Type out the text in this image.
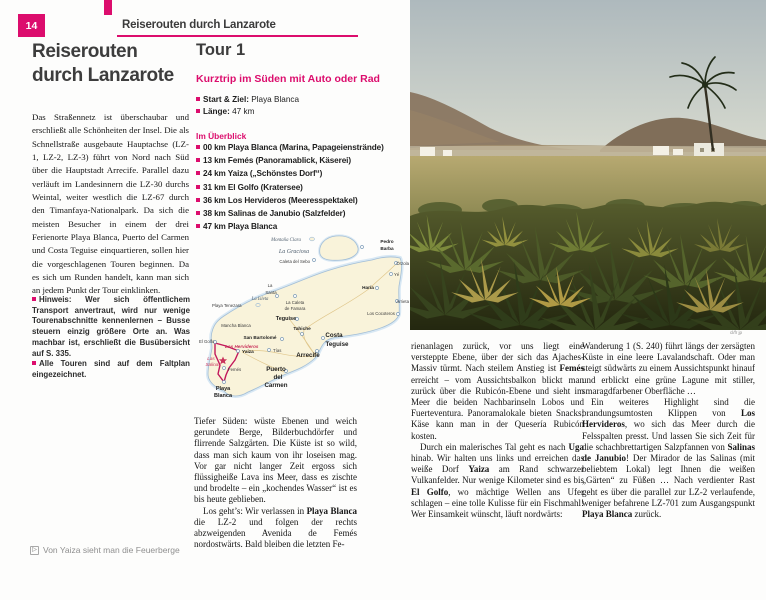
14	Reiserouten durch Lanzarote
Reiserouten
durch Lanzarote
Das Straßennetz ist überschaubar und erschließt alle Schönheiten der Insel. Die als Schnellstraße ausgebaute Hauptachse (LZ-1, LZ-2, LZ-3) führt von Nord nach Süd über die Hauptstadt Arrecife. Parallel dazu verläuft im Landesinnern die LZ-30 durchs Weintal, weiter westlich die LZ-67 durch den Timanfaya-Nationalpark. Da sich die meisten Besucher in einem der drei Ferienorte Playa Blanca, Puerto del Carmen und Costa Teguise einquartieren, sollen hier die vorgeschlagenen Touren beginnen. Da es sich um Runden handelt, kann man sich an jedem Punkt der Tour einklinken.
Hinweis: Wer sich öffentlichem Transport anvertraut, wird nur wenige Tourenabschnitte kennenlernen – Busse steuern einzig größere Orte an. Was machbar ist, erschließt die Busübersicht auf S. 335.
Alle Touren sind auf dem Faltplan eingezeichnet.
▷ Von Yaiza sieht man die Feuerberge
Tour 1
Kurztrip im Süden mit Auto oder Rad
Start & Ziel: Playa Blanca
Länge: 47 km
Im Überblick
00 km Playa Blanca (Marina, Papageienstrände)
13 km Femés (Panoramablick, Käserei)
24 km Yaiza („Schönstes Dorf“)
31 km El Golfo (Kratersee)
36 km Los Hervideros (Meeresspektakel)
38 km Salinas de Janubio (Salzfelder)
47 km Playa Blanca
Montaña Clara	Pedro
Barba
La Graciosa
Caleta del Sebo	Órzola
Yé
Haría
Arrieta
La
Santa
La Isleta
Playa Tenezara
La Caleta
de Famara
Los Cocoteros
Teguise
Mancha Blanca
Tahiche
Costa
Teguise
San Bartolomé
El Golfo
Los Hervideros
Yaiza	Tías
Arrecife
Las
Salinas
Femés	Puerto
del
Carmen
Playa
Blanca

Tiefer Süden: wüste Ebenen und weich gerundete Berge, Bilderbuchdörfer und flirrende Salzgärten. Die Küste ist so wild, dass man sich kaum von ihr loseisen mag. Vor gar nicht langer Zeit ergoss sich flüssigheiße Lava ins Meer, dass es zischte und brodelte – ein „kochendes Wasser“ ist es bis heute geblieben.

Los geht’s: Wir verlassen in Playa Blanca die LZ-2 und folgen der rechts abzweigenden Avenida de Femés nordostwärts. Bald bleiben die letzten Fe-

cl/fr jp

rienanlagen zurück, vor uns liegt eine versteppte Ebene, über der sich das Ajaches-Massiv türmt. Nach steilem Anstieg ist Femés erreicht – vom Aussichtsbalkon blickt man zurück über die Rubicón-Ebene und sieht im Meer die beiden Nachbarinseln Lobos und Fuerteventura. Panoramalokale bieten Snacks; Käse kann man in der Quesería Rubicón kosten.

Durch ein malerisches Tal geht es nach Uga hinab. Wir halten uns links und erreichen das weiße Dorf Yaiza am Rand schwarzer Vulkanfelder. Nur wenige Kilometer sind es bis El Golfo, wo mächtige Wellen ans Ufer schlagen – eine tolle Kulisse für ein Fischmahl! Wer Einsamkeit wünscht, läuft nordwärts:

Wanderung 1 (S. 240) führt längs der zersägten Küste in eine leere Lavalandschaft. Oder man steigt südwärts zu einem Aussichtspunkt hinauf und erblickt eine grüne Lagune mit stiller, smaragdfarbener Oberfläche …

Ein weiteres Highlight sind die brandungsumtosten Klippen von Los Hervideros, wo sich das Meer durch die Felsspalten presst. Und lassen Sie sich Zeit für die schachbrettartigen Salzpfannen von Salinas de Janubio! Der Mirador de las Salinas (mit beliebtem Lokal) legt Ihnen die weißen „Gärten“ zu Füßen … Nach verdienter Rast geht es über die parallel zur LZ-2 verlaufende, weniger befahrene LZ-701 zum Ausgangspunkt Playa Blanca zurück.
